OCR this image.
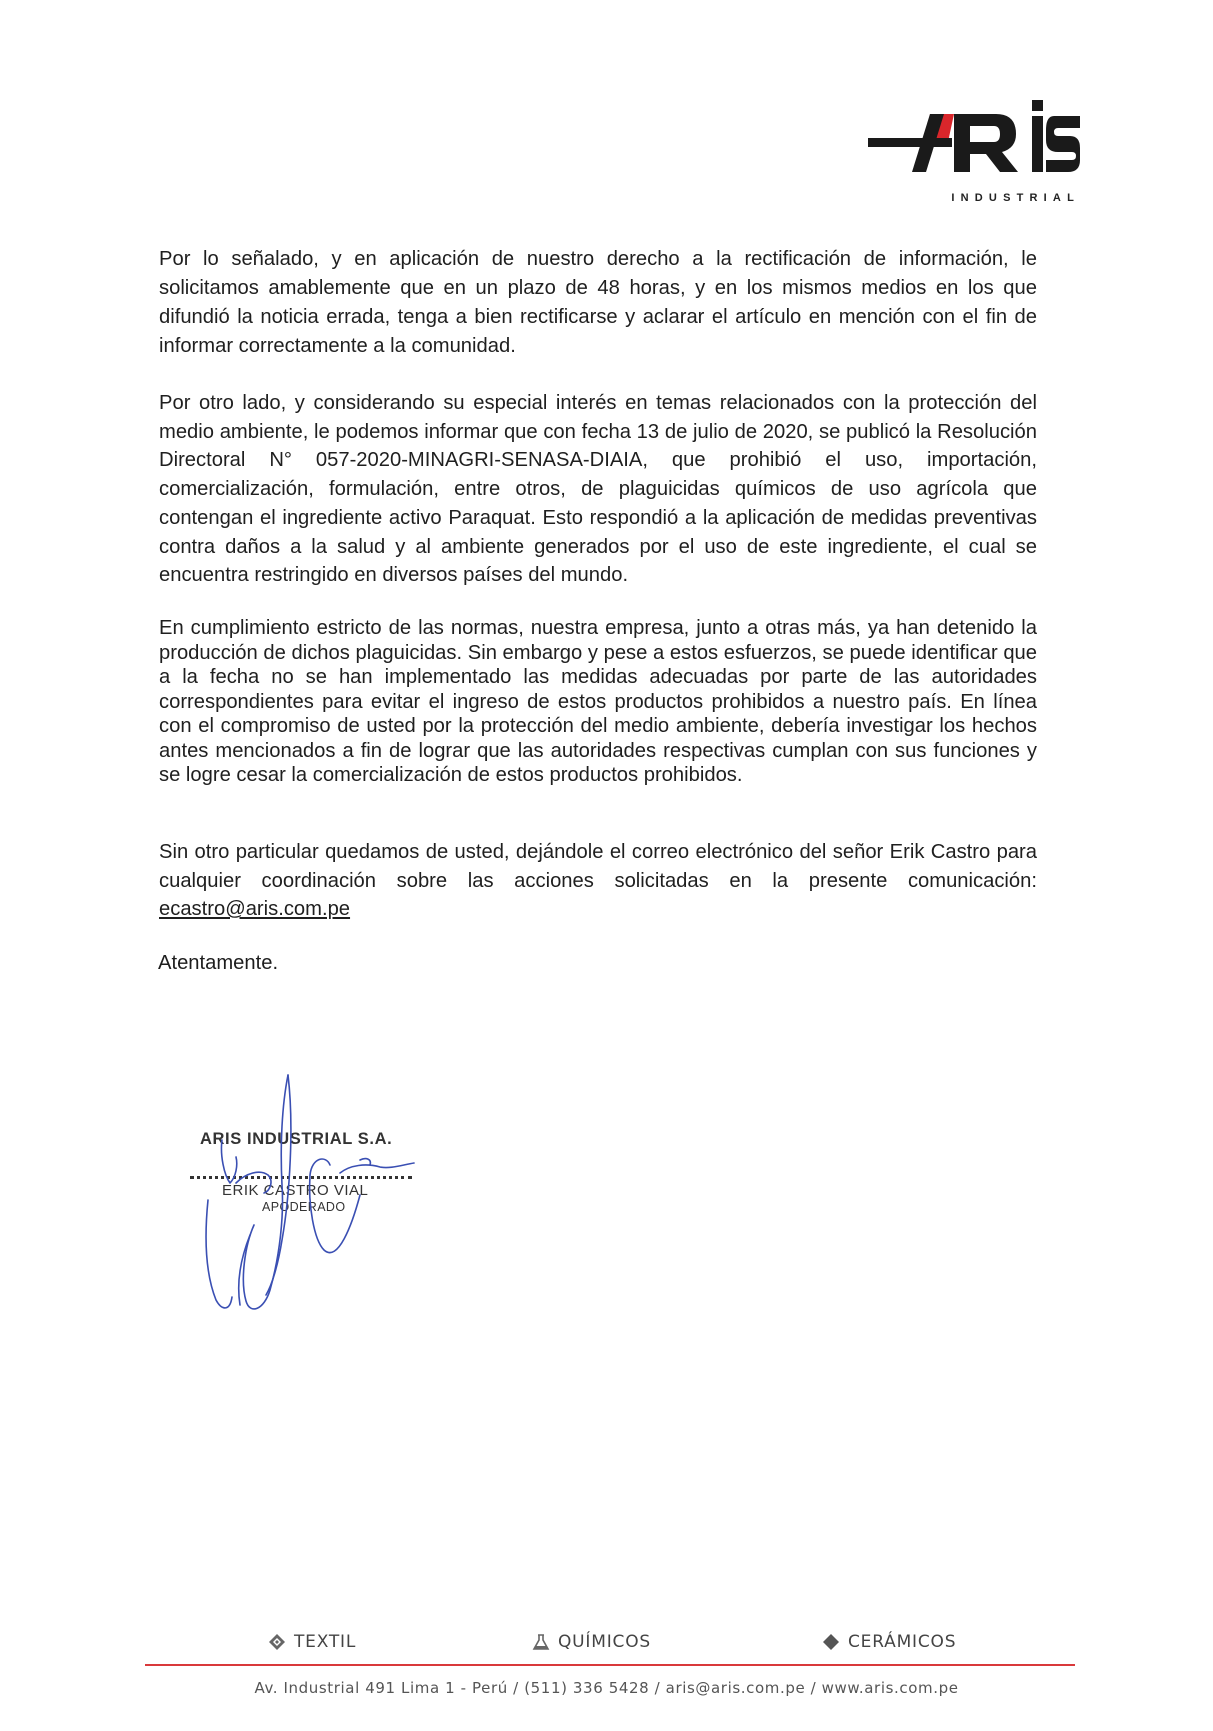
INDUSTRIAL

Por lo señalado, y en aplicación de nuestro derecho a la rectificación de información, le solicitamos amablemente que en un plazo de 48 horas, y en los mismos medios en los que difundió la noticia errada, tenga a bien rectificarse y aclarar el artículo en mención con el fin de informar correctamente a la comunidad.

Por otro lado, y considerando su especial interés en temas relacionados con la protección del medio ambiente, le podemos informar que con fecha 13 de julio de 2020, se publicó la Resolución Directoral N° 057-2020-MINAGRI-SENASA-DIAIA, que prohibió el uso, importación, comercialización, formulación, entre otros, de plaguicidas químicos de uso agrícola que contengan el ingrediente activo Paraquat. Esto respondió a la aplicación de medidas preventivas contra daños a la salud y al ambiente generados por el uso de este ingrediente, el cual se encuentra restringido en diversos países del mundo.

En cumplimiento estricto de las normas, nuestra empresa, junto a otras más, ya han detenido la producción de dichos plaguicidas. Sin embargo y pese a estos esfuerzos, se puede identificar que a la fecha no se han implementado las medidas adecuadas por parte de las autoridades correspondientes para evitar el ingreso de estos productos prohibidos a nuestro país. En línea con el compromiso de usted por la protección del medio ambiente, debería investigar los hechos antes mencionados a fin de lograr que las autoridades respectivas cumplan con sus funciones y se logre cesar la comercialización de estos productos prohibidos.

Sin otro particular quedamos de usted, dejándole el correo electrónico del señor Erik Castro para cualquier coordinación sobre las acciones solicitadas en la presente comunicación: ecastro@aris.com.pe

Atentamente.

ARIS INDUSTRIAL S.A.
ERIK CASTRO VIAL
APODERADO
TEXTIL	QUÍMICOS	CERÁMICOS
Av. Industrial 491 Lima 1 - Perú / (511) 336 5428 / aris@aris.com.pe / www.aris.com.pe
